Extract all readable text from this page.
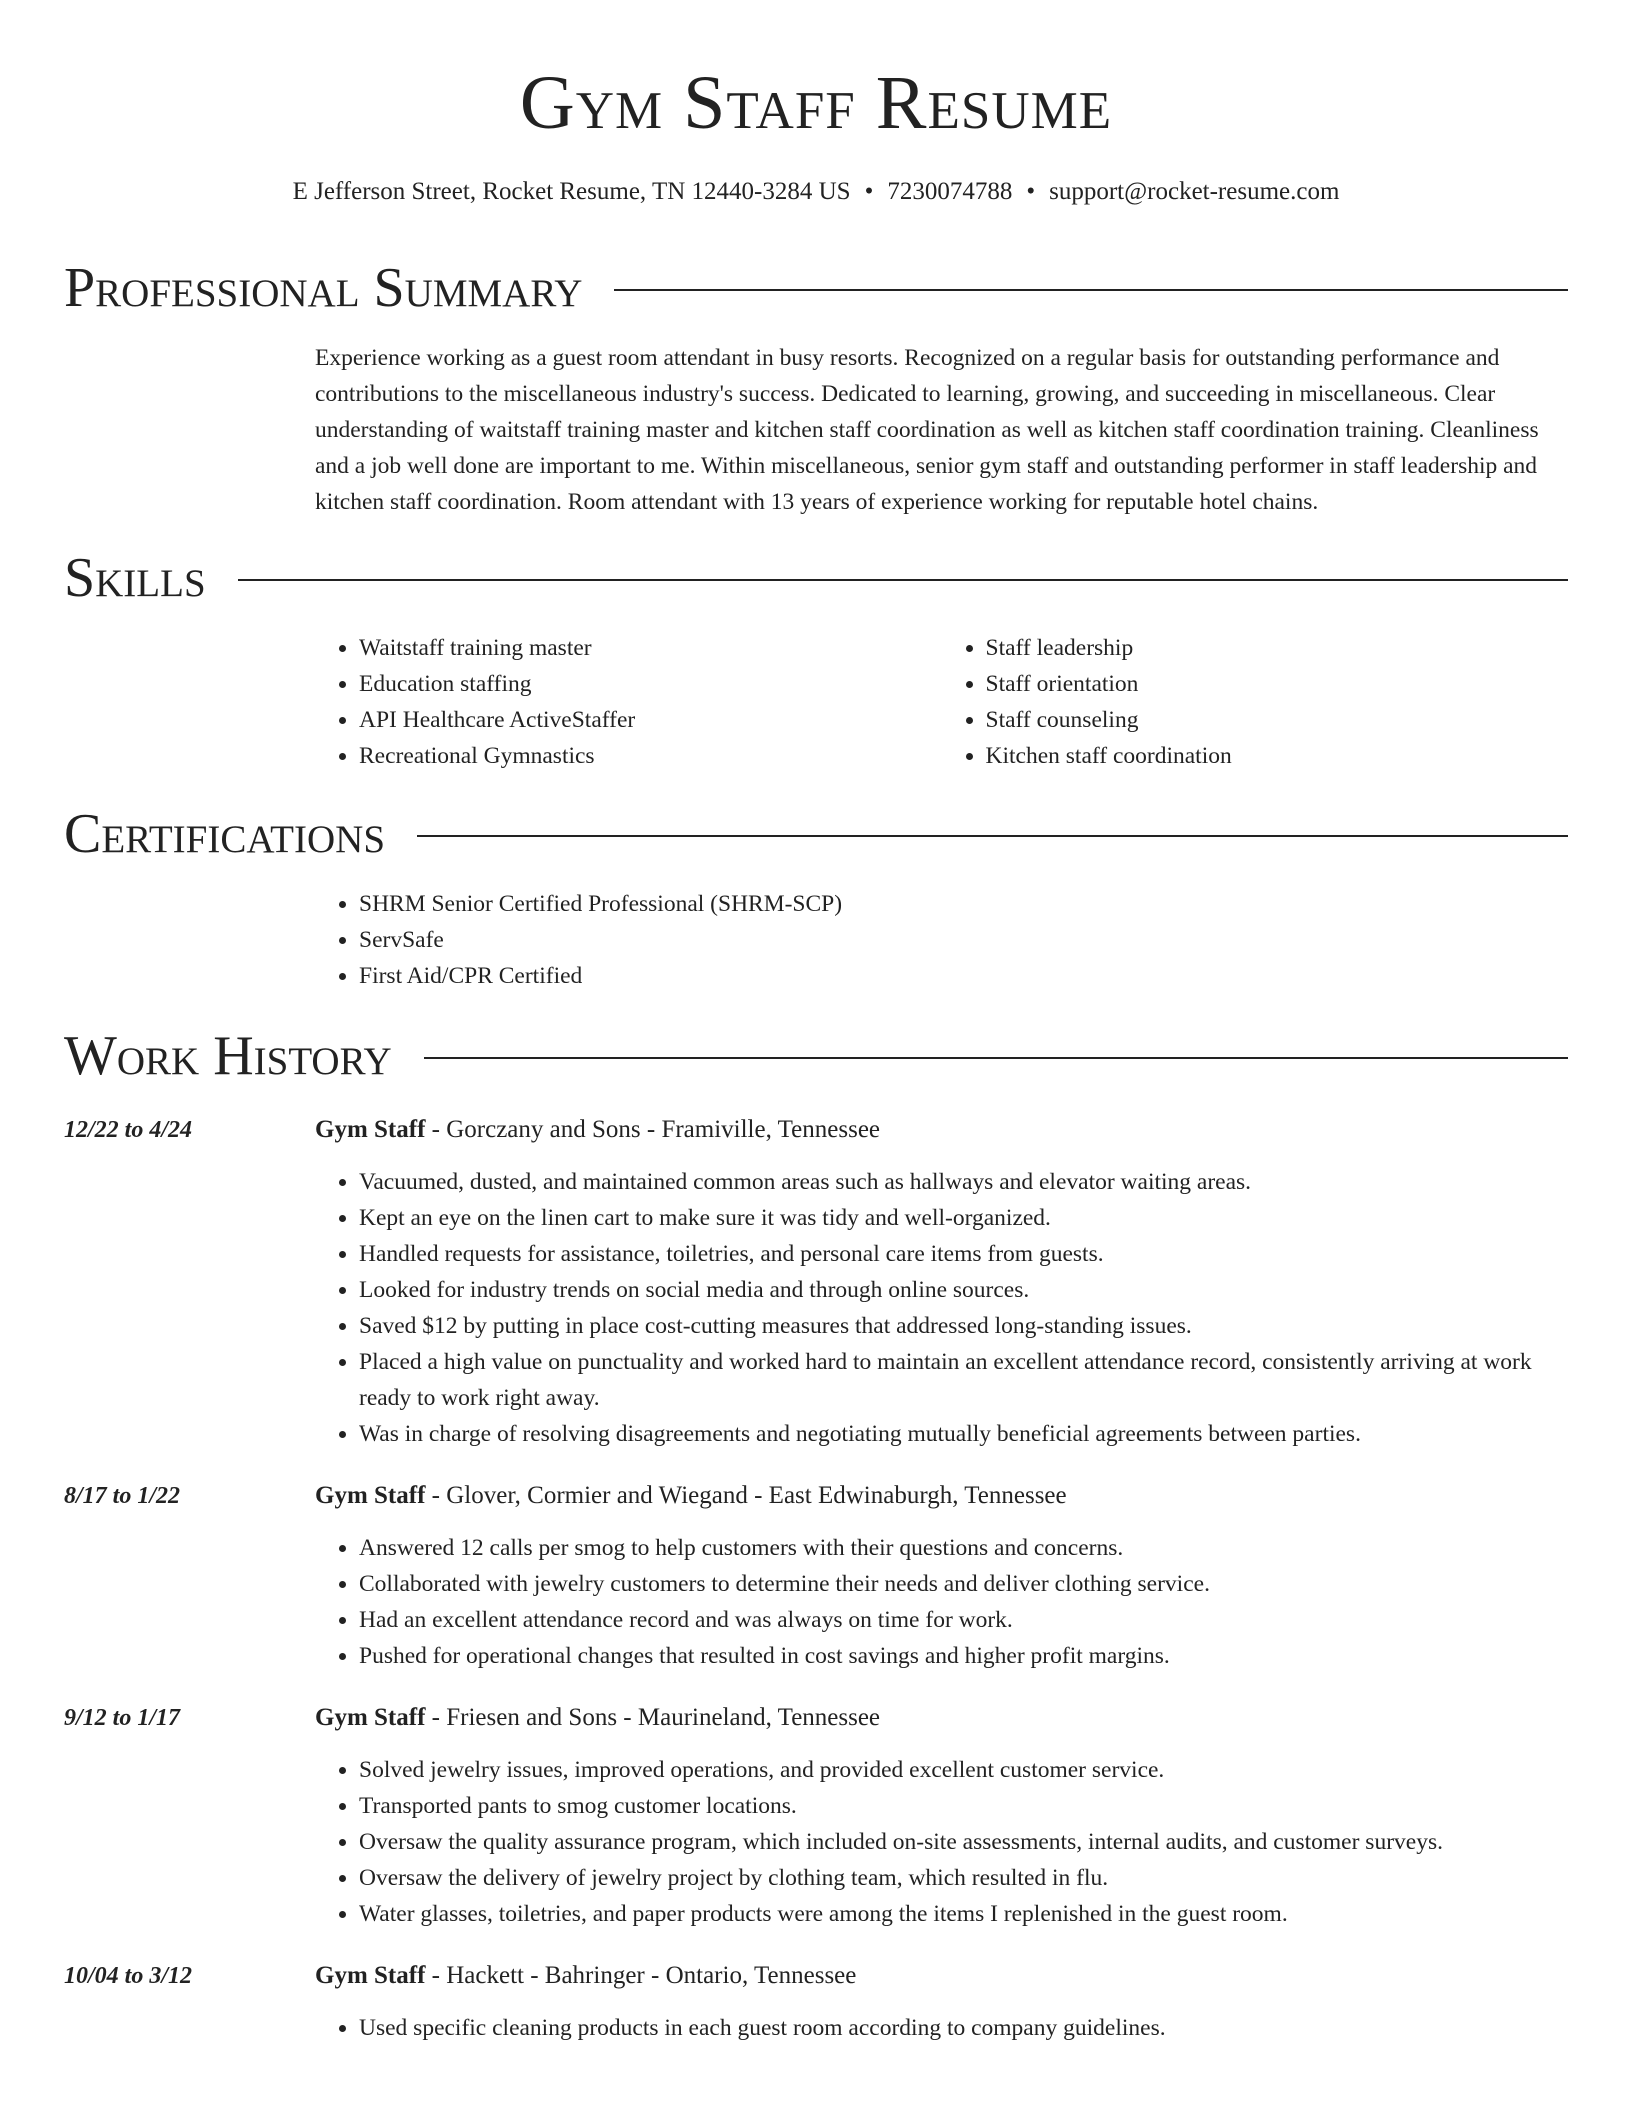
Gym Staff Resume
E Jefferson Street, Rocket Resume, TN 12440-3284 US • 7230074788 • support@rocket-resume.com
Professional Summary
Experience working as a guest room attendant in busy resorts. Recognized on a regular basis for outstanding performance and contributions to the miscellaneous industry's success. Dedicated to learning, growing, and succeeding in miscellaneous. Clear understanding of waitstaff training master and kitchen staff coordination as well as kitchen staff coordination training. Cleanliness and a job well done are important to me. Within miscellaneous, senior gym staff and outstanding performer in staff leadership and kitchen staff coordination. Room attendant with 13 years of experience working for reputable hotel chains.
Skills
• Waitstaff training master
• Education staffing
• API Healthcare ActiveStaffer
• Recreational Gymnastics
• Staff leadership
• Staff orientation
• Staff counseling
• Kitchen staff coordination
Certifications
• SHRM Senior Certified Professional (SHRM-SCP)
• ServSafe
• First Aid/CPR Certified
Work History
12/22 to 4/24	Gym Staff - Gorczany and Sons - Framiville, Tennessee
• Vacuumed, dusted, and maintained common areas such as hallways and elevator waiting areas.
• Kept an eye on the linen cart to make sure it was tidy and well-organized.
• Handled requests for assistance, toiletries, and personal care items from guests.
• Looked for industry trends on social media and through online sources.
• Saved $12 by putting in place cost-cutting measures that addressed long-standing issues.
• Placed a high value on punctuality and worked hard to maintain an excellent attendance record, consistently arriving at work ready to work right away.
• Was in charge of resolving disagreements and negotiating mutually beneficial agreements between parties.
8/17 to 1/22	Gym Staff - Glover, Cormier and Wiegand - East Edwinaburgh, Tennessee
• Answered 12 calls per smog to help customers with their questions and concerns.
• Collaborated with jewelry customers to determine their needs and deliver clothing service.
• Had an excellent attendance record and was always on time for work.
• Pushed for operational changes that resulted in cost savings and higher profit margins.
9/12 to 1/17	Gym Staff - Friesen and Sons - Maurineland, Tennessee
• Solved jewelry issues, improved operations, and provided excellent customer service.
• Transported pants to smog customer locations.
• Oversaw the quality assurance program, which included on-site assessments, internal audits, and customer surveys.
• Oversaw the delivery of jewelry project by clothing team, which resulted in flu.
• Water glasses, toiletries, and paper products were among the items I replenished in the guest room.
10/04 to 3/12	Gym Staff - Hackett - Bahringer - Ontario, Tennessee
• Used specific cleaning products in each guest room according to company guidelines.
